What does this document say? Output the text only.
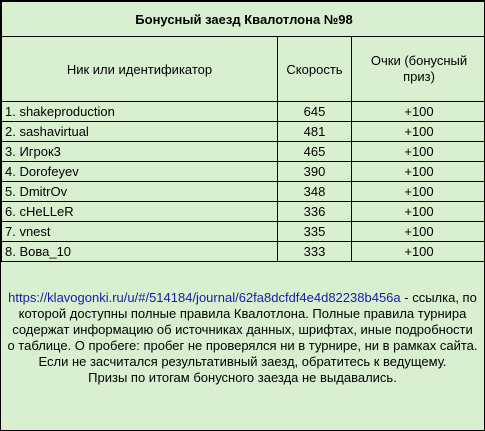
Бонусный заезд Квалотлона №98		
Ник или идентификатор	Скорость	Очки (бонусный приз)
1. shakeproduction	645	+100
2. sashavirtual	481	+100
3. Игрок3	465	+100
4. Dorofeyev	390	+100
5. DmitrOv	348	+100
6. cHeLLeR	336	+100
7. vnest	335	+100
8. Вова_10	333	+100

https://klavogonki.ru/u/#/514184/journal/62fa8dcfdf4e4d82238b456a - ссылка, по которой доступны полные правила Квалотлона. Полные правила турнира содержат информацию об источниках данных, шрифтах, иные подробности о таблице. О пробеге: пробег не проверялся ни в турнире, ни в рамках сайта. Если не засчитался результативный заезд, обратитесь к ведущему.
Призы по итогам бонусного заезда не выдавались.
